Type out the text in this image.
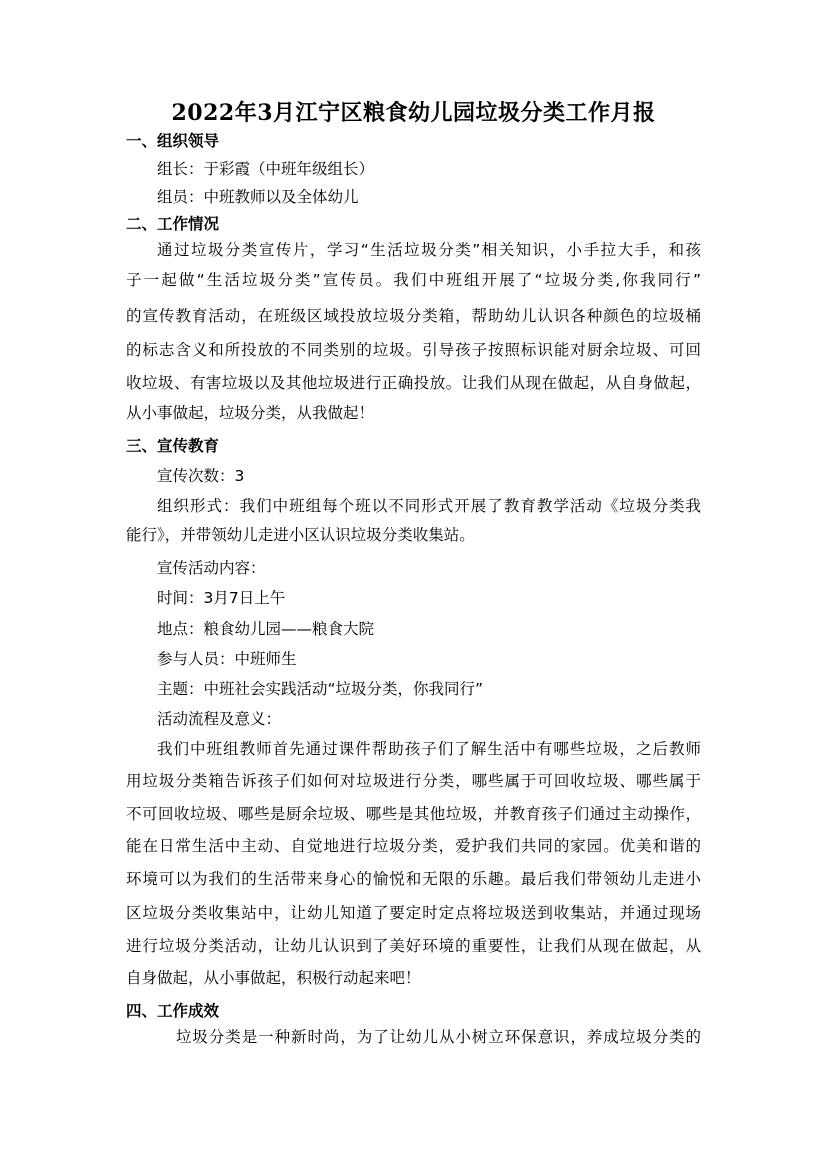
2022年3月江宁区粮食幼儿园垃圾分类工作月报
一、组织领导
组长：于彩霞（中班年级组长）
组员：中班教师以及全体幼儿
二、工作情况
通过垃圾分类宣传片，学习“生活垃圾分类”相关知识，小手拉大手，和孩
子一起做“生活垃圾分类”宣传员。我们中班组开展了“垃圾分类,你我同行”
的宣传教育活动，在班级区域投放垃圾分类箱，帮助幼儿认识各种颜色的垃圾桶
的标志含义和所投放的不同类别的垃圾。引导孩子按照标识能对厨余垃圾、可回
收垃圾、有害垃圾以及其他垃圾进行正确投放。让我们从现在做起，从自身做起，
从小事做起，垃圾分类，从我做起！
三、宣传教育
宣传次数：3
组织形式：我们中班组每个班以不同形式开展了教育教学活动《垃圾分类我
能行》，并带领幼儿走进小区认识垃圾分类收集站。
宣传活动内容：
时间：3月7日上午
地点：粮食幼儿园——粮食大院
参与人员：中班师生
主题：中班社会实践活动“垃圾分类，你我同行”
活动流程及意义：
我们中班组教师首先通过课件帮助孩子们了解生活中有哪些垃圾，之后教师
用垃圾分类箱告诉孩子们如何对垃圾进行分类，哪些属于可回收垃圾、哪些属于
不可回收垃圾、哪些是厨余垃圾、哪些是其他垃圾，并教育孩子们通过主动操作，
能在日常生活中主动、自觉地进行垃圾分类，爱护我们共同的家园。优美和谐的
环境可以为我们的生活带来身心的愉悦和无限的乐趣。最后我们带领幼儿走进小
区垃圾分类收集站中，让幼儿知道了要定时定点将垃圾送到收集站，并通过现场
进行垃圾分类活动，让幼儿认识到了美好环境的重要性，让我们从现在做起，从
自身做起，从小事做起，积极行动起来吧！
四、工作成效
垃圾分类是一种新时尚，为了让幼儿从小树立环保意识，养成垃圾分类的
